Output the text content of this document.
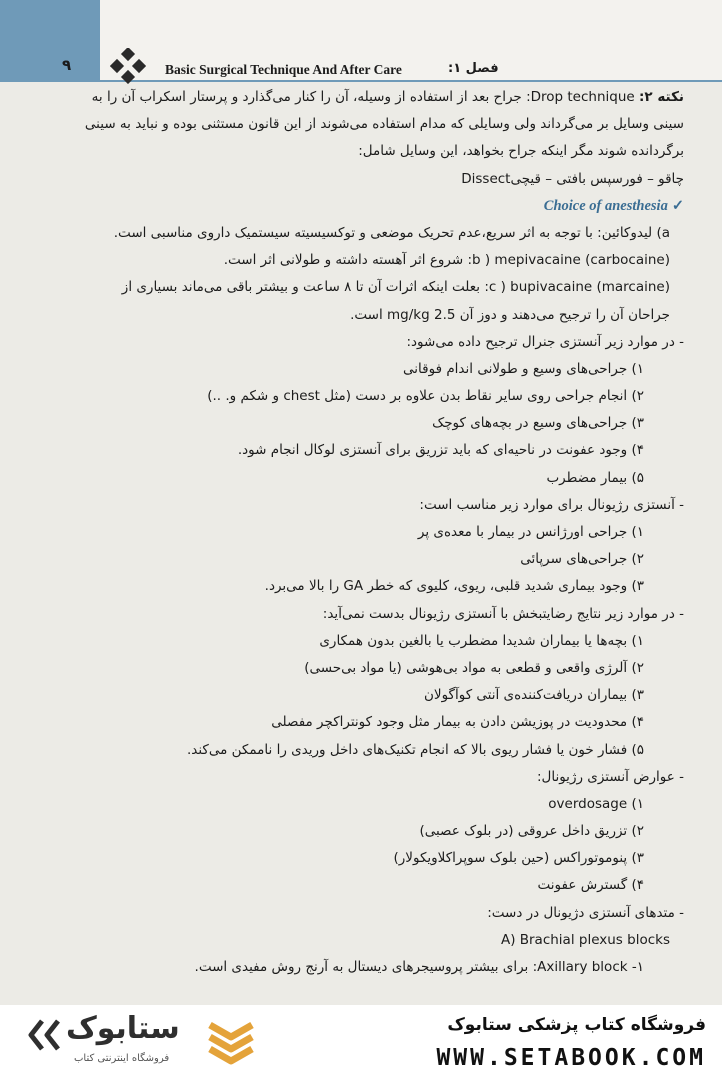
۹	Basic Surgical Technique And After Care	فصل ۱:
نکته ۲: Drop technique: جراح بعد از استفاده از وسیله، آن را کنار می‌گذارد و پرستار اسکراب آن را به
سینی وسایل بر می‌گرداند ولی وسایلی که مدام استفاده می‌شوند از این قانون مستثنی بوده و نباید به سینی
برگردانده شوند مگر اینکه جراح بخواهد، این وسایل شامل:
چاقو – فورسپس بافتی – قیچیDissect
Choice of anesthesia ✓
a) لیدوکائین: با توجه به اثر سریع،عدم تحریک موضعی و توکسیسیته سیستمیک داروی مناسبی است.
b ) mepivacaine (carbocaine): شروع اثر آهسته داشته و طولانی اثر است.
c ) bupivacaine (marcaine): بعلت اینکه اثرات آن تا ۸ ساعت و بیشتر باقی می‌ماند بسیاری از
جراحان آن را ترجیح می‌دهند و دوز آن 2.5 mg/kg است.
- در موارد زیر آنستزی جنرال ترجیح داده می‌شود:
۱) جراحی‌های وسیع و طولانی اندام فوقانی
۲) انجام جراحی روی سایر نقاط بدن علاوه بر دست (مثل chest و شکم و. ..)
۳) جراحی‌های وسیع در بچه‌های کوچک
۴) وجود عفونت در ناحیه‌ای که باید تزریق برای آنستزی لوکال انجام شود.
۵) بیمار مضطرب
- آنستزی رژیونال برای موارد زیر مناسب است:
۱) جراحی اورژانس در بیمار با معده‌ی پر
۲) جراحی‌های سرپائی
۳) وجود بیماری شدید قلبی، ریوی، کلیوی که خطر GA را بالا می‌برد.
- در موارد زیر نتایج رضایتبخش با آنستزی رژیونال بدست نمی‌آید:
۱) بچه‌ها یا بیماران شدیدا مضطرب یا بالغین بدون همکاری
۲) آلرژی واقعی و قطعی به مواد بی‌هوشی (یا مواد بی‌حسی)
۳) بیماران دریافت‌کننده‌ی آنتی کوآگولان
۴) محدودیت در پوزیشن دادن به بیمار مثل وجود کونتراکچر مفصلی
۵) فشار خون یا فشار ریوی بالا که انجام تکنیک‌های داخل وریدی را ناممکن می‌کند.
- عوارض آنستزی رژیونال:
۱) overdosage
۲) تزریق داخل عروقی (در بلوک عصبی)
۳) پنوموتوراکس (حین بلوک سوپراکلاویکولار)
۴) گسترش عفونت
- متدهای آنستزی دژیونال در دست:
A) Brachial plexus blocks
۱- Axillary block: برای بیشتر پروسیجرهای دیستال به آرنج روش مفیدی است.
ستابوک
فروشگاه اینترنتی کتاب
فروشگاه کتاب پزشکی ستابوک
WWW.SETABOOK.COM
